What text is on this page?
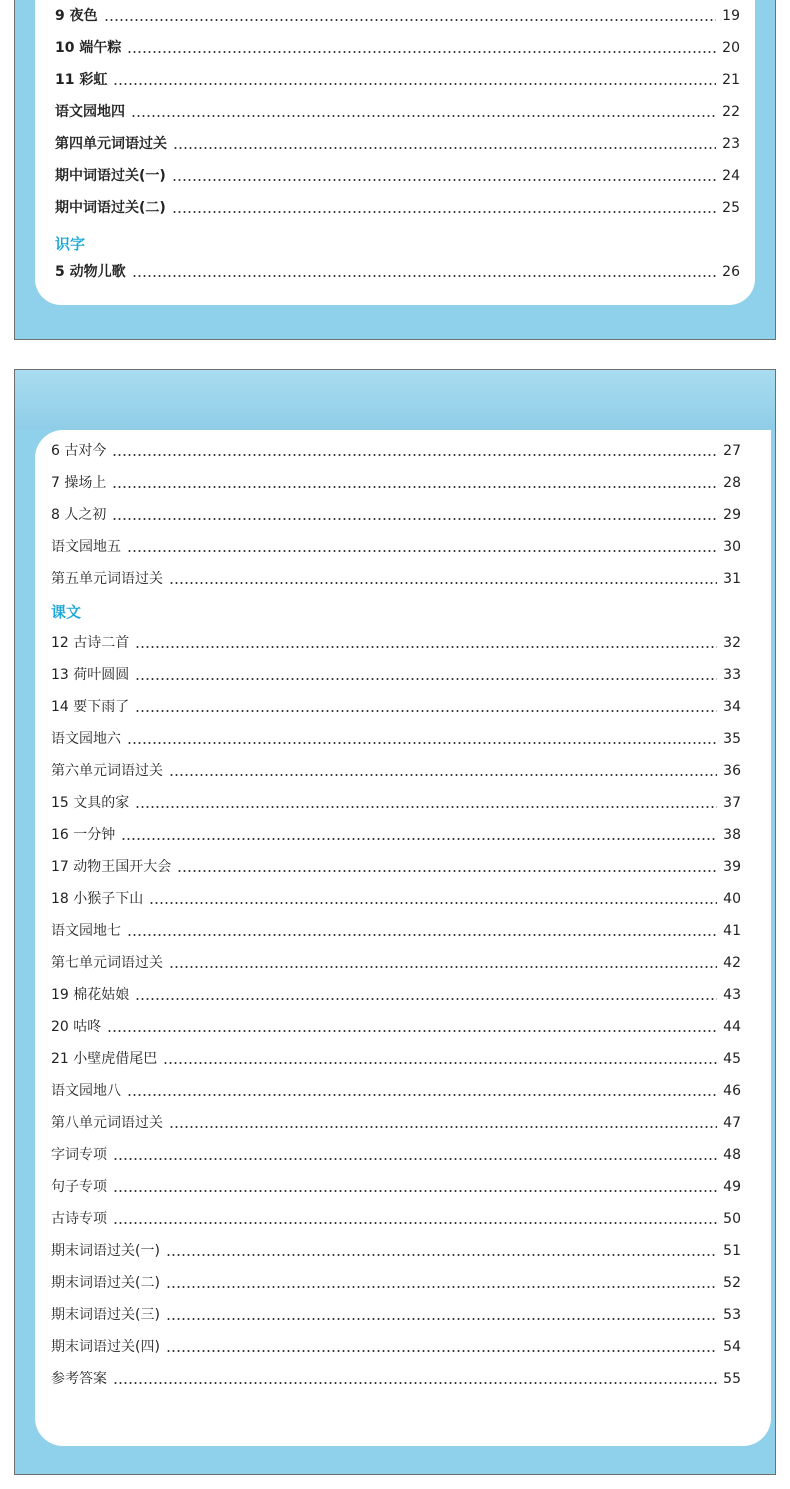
9 夜色	19
10 端午粽	20
11 彩虹	21
语文园地四	22
第四单元词语过关	23
期中词语过关(一)	24
期中词语过关(二)	25
识字
5 动物儿歌	26
6 古对今	27
7 操场上	28
8 人之初	29
语文园地五	30
第五单元词语过关	31
课文
12 古诗二首	32
13 荷叶圆圆	33
14 要下雨了	34
语文园地六	35
第六单元词语过关	36
15 文具的家	37
16 一分钟	38
17 动物王国开大会	39
18 小猴子下山	40
语文园地七	41
第七单元词语过关	42
19 棉花姑娘	43
20 咕咚	44
21 小壁虎借尾巴	45
语文园地八	46
第八单元词语过关	47
字词专项	48
句子专项	49
古诗专项	50
期末词语过关(一)	51
期末词语过关(二)	52
期末词语过关(三)	53
期末词语过关(四)	54
参考答案	55
